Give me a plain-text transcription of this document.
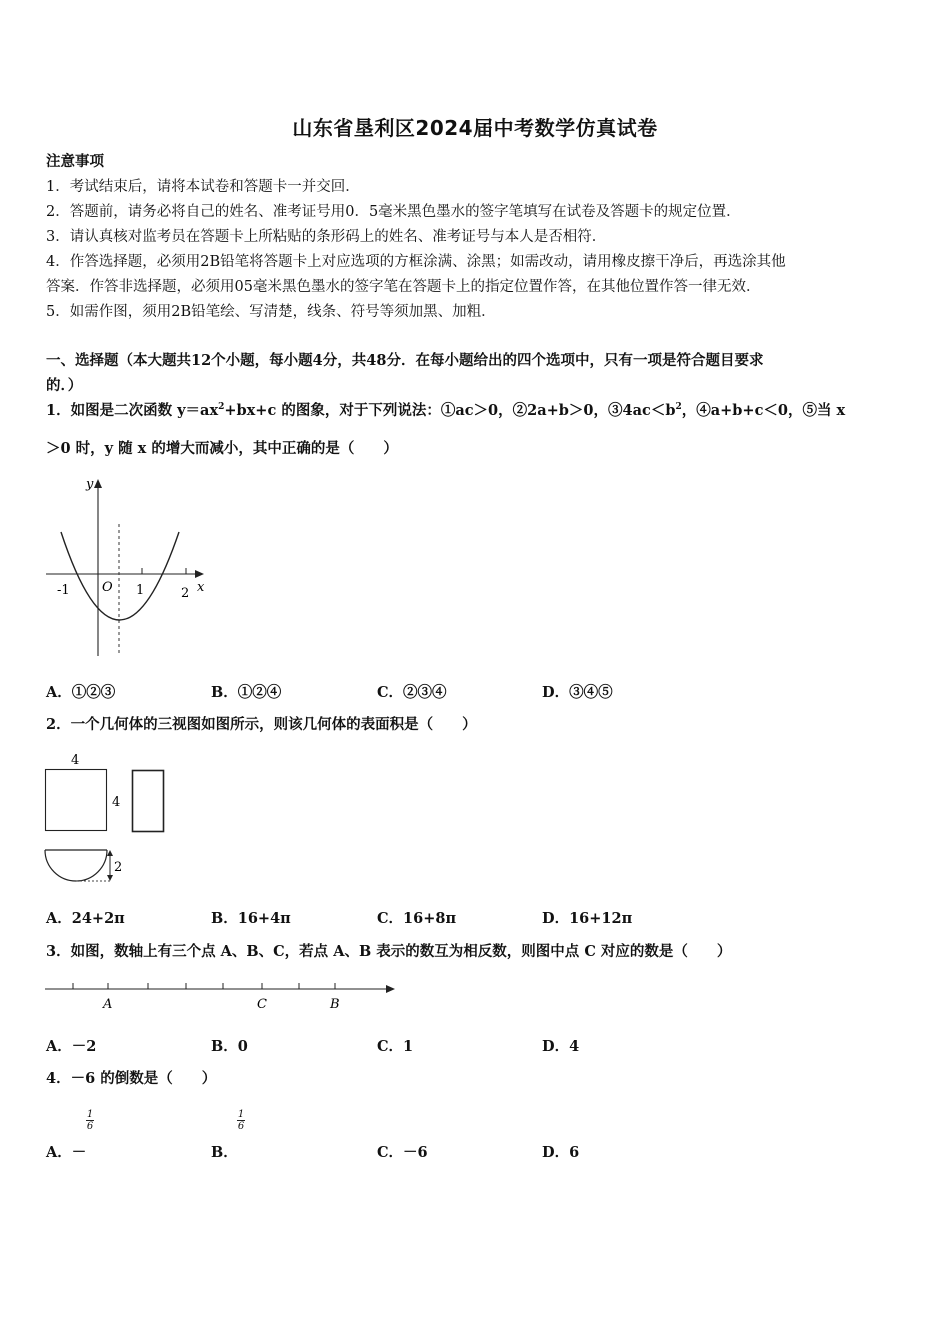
山东省垦利区2024届中考数学仿真试卷
注意事项
1．考试结束后，请将本试卷和答题卡一并交回．
2．答题前，请务必将自己的姓名、准考证号用0．5毫米黑色墨水的签字笔填写在试卷及答题卡的规定位置．
3．请认真核对监考员在答题卡上所粘贴的条形码上的姓名、准考证号与本人是否相符．
4．作答选择题，必须用2B铅笔将答题卡上对应选项的方框涂满、涂黑；如需改动，请用橡皮擦干净后，再选涂其他
答案．作答非选择题，必须用05毫米黑色墨水的签字笔在答题卡上的指定位置作答，在其他位置作答一律无效．
5．如需作图，须用2B铅笔绘、写清楚，线条、符号等须加黑、加粗．
一、选择题（本大题共12个小题，每小题4分，共48分．在每小题给出的四个选项中，只有一项是符合题目要求
的．）
1．如图是二次函数 $y=ax^2+bx+c$ 的图象，对于下列说法：①ac＞0，②2a+b＞0，$③4ac<b^2$，④a+b+c＜0，⑤当 x
＞0 时，y 随 x 的增大而减小，其中正确的是（　　）
y
x
O
-1	1	2
A．①②③	B．①②④	C．②③④	D．③④⑤
2．一个几何体的三视图如图所示，则该几何体的表面积是（　　）
4
4
2
A．24+2π	B．16+4π	C．16+8π	D．16+12π
3．如图，数轴上有三个点 A、B、C，若点 A、B 表示的数互为相反数，则图中点 C 对应的数是（　　）
A	C	B
A．－2	B．0	C．1	D．4
4．－6 的倒数是（　　）
1
6
1
6
A．－	B．	C．－6	D．6
